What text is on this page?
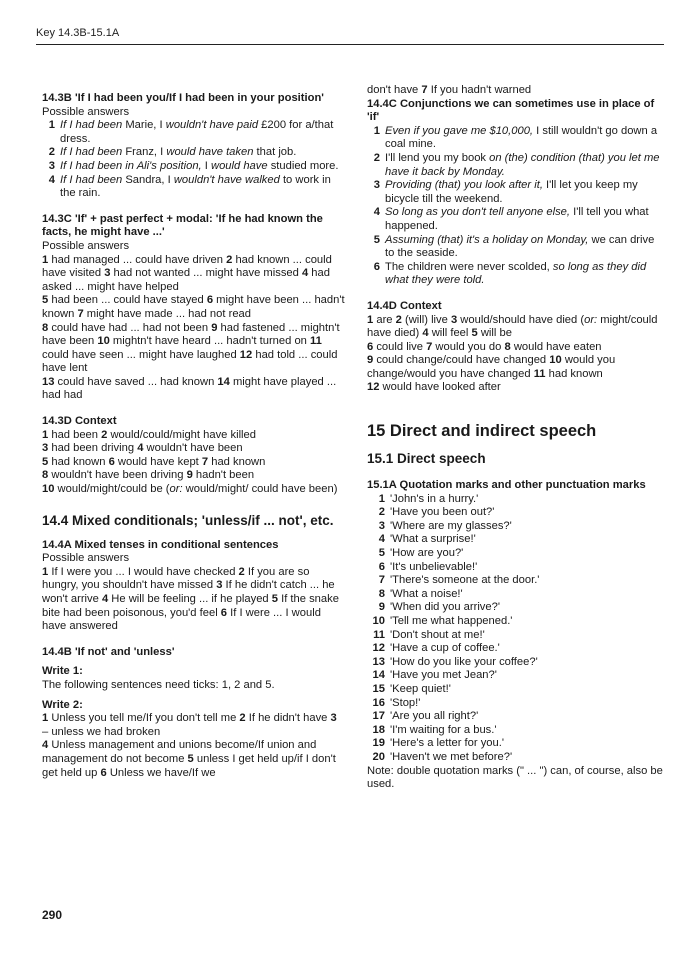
Key 14.3B-15.1A
14.3B 'If I had been you/If I had been in your position'
Possible answers
1 If I had been Marie, I wouldn't have paid £200 for a/that dress.
2 If I had been Franz, I would have taken that job.
3 If I had been in Ali's position, I would have studied more.
4 If I had been Sandra, I wouldn't have walked to work in the rain.
14.3C 'If' + past perfect + modal: 'If he had known the facts, he might have ...'
Possible answers
1 had managed ... could have driven 2 had known ... could have visited 3 had not wanted ... might have missed 4 had asked ... might have helped
5 had been ... could have stayed 6 might have been ... hadn't known 7 might have made ... had not read
8 could have had ... had not been 9 had fastened ... mightn't have been 10 mightn't have heard ... hadn't turned on 11 could have seen ... might have laughed 12 had told ... could have lent
13 could have saved ... had known 14 might have played ... had had
14.3D Context
1 had been 2 would/could/might have killed
3 had been driving 4 wouldn't have been
5 had known 6 would have kept 7 had known
8 wouldn't have been driving 9 hadn't been
10 would/might/could be (or: would/might/ could have been)
14.4 Mixed conditionals; 'unless/if ... not', etc.
14.4A Mixed tenses in conditional sentences
Possible answers
1 If I were you ... I would have checked 2 If you are so hungry, you shouldn't have missed 3 If he didn't catch ... he won't arrive 4 He will be feeling ... if he played 5 If the snake bite had been poisonous, you'd feel 6 If I were ... I would have answered
14.4B 'If not' and 'unless'
Write 1:
The following sentences need ticks: 1, 2 and 5.
Write 2:
1 Unless you tell me/If you don't tell me 2 If he didn't have 3 – unless we had broken
4 Unless management and unions become/If union and management do not become 5 unless I get held up/if I don't get held up 6 Unless we have/If we
don't have 7 If you hadn't warned
14.4C Conjunctions we can sometimes use in place of 'if'
1 Even if you gave me $10,000, I still wouldn't go down a coal mine.
2 I'll lend you my book on (the) condition (that) you let me have it back by Monday.
3 Providing (that) you look after it, I'll let you keep my bicycle till the weekend.
4 So long as you don't tell anyone else, I'll tell you what happened.
5 Assuming (that) it's a holiday on Monday, we can drive to the seaside.
6 The children were never scolded, so long as they did what they were told.
14.4D Context
1 are 2 (will) live 3 would/should have died (or: might/could have died) 4 will feel 5 will be
6 could live 7 would you do 8 would have eaten
9 could change/could have changed 10 would you change/would you have changed 11 had known
12 would have looked after
15 Direct and indirect speech
15.1 Direct speech
15.1A Quotation marks and other punctuation marks
1 'John's in a hurry.'
2 'Have you been out?'
3 'Where are my glasses?'
4 'What a surprise!'
5 'How are you?'
6 'It's unbelievable!'
7 'There's someone at the door.'
8 'What a noise!'
9 'When did you arrive?'
10 'Tell me what happened.'
11 'Don't shout at me!'
12 'Have a cup of coffee.'
13 'How do you like your coffee?'
14 'Have you met Jean?'
15 'Keep quiet!'
16 'Stop!'
17 'Are you all right?'
18 'I'm waiting for a bus.'
19 'Here's a letter for you.'
20 'Haven't we met before?'
Note: double quotation marks (" ... ") can, of course, also be used.
290
